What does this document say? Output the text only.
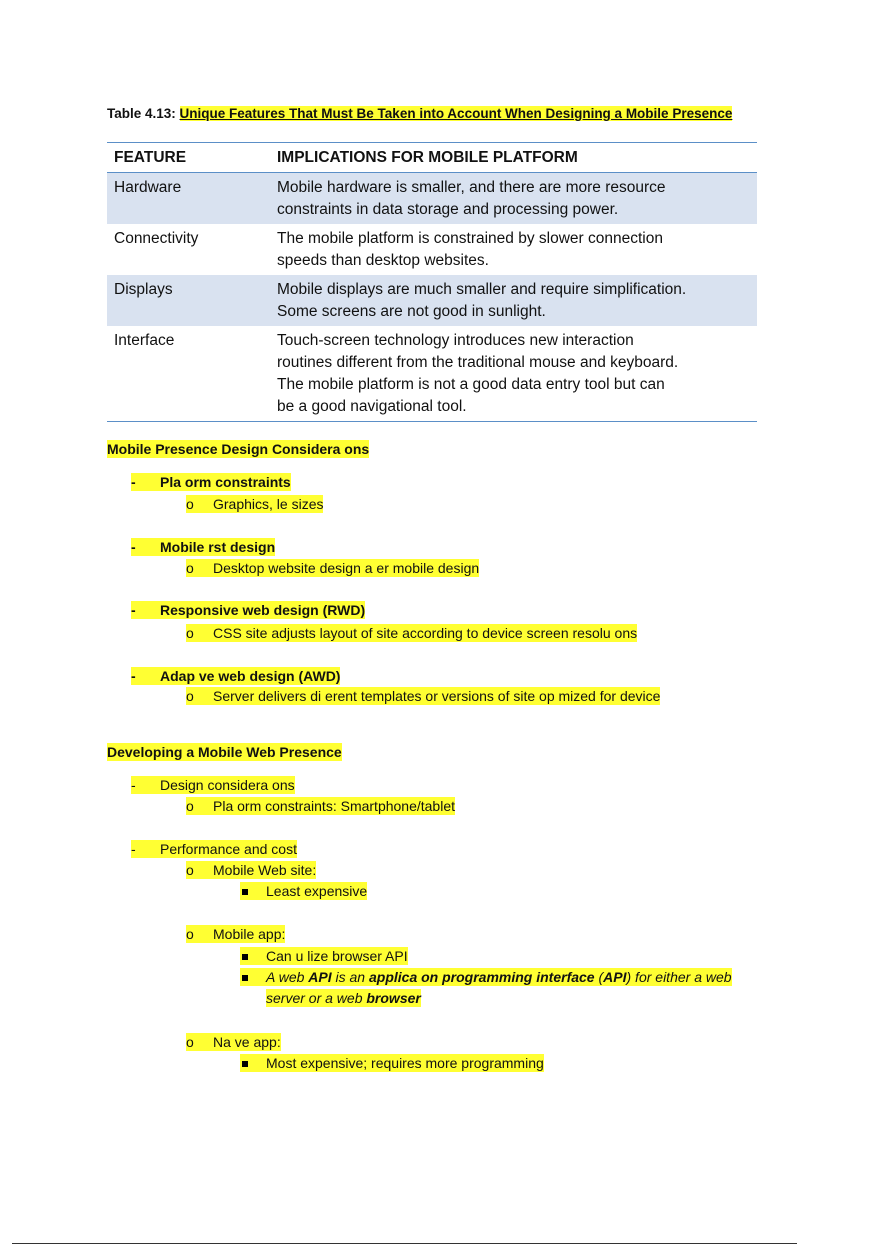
Table 4.13: Unique Features That Must Be Taken into Account When Designing a Mobile Presence
FEATURE	IMPLICATIONS FOR MOBILE PLATFORM
Hardware	Mobile hardware is smaller, and there are more resource
constraints in data storage and processing power.

Connectivity	The mobile platform is constrained by slower connection
speeds than desktop websites.

Displays	Mobile displays are much smaller and require simplification.
Some screens are not good in sunlight.

Interface	Touch-screen technology introduces new interaction
routines different from the traditional mouse and keyboard.
The mobile platform is not a good data entry tool but can
be a good navigational tool.
Mobile Presence Design Considera ons
- Pla orm constraints
o Graphics, le sizes
- Mobile rst design
o Desktop website design a er mobile design
- Responsive web design (RWD)
o CSS site adjusts layout of site according to device screen resolu ons
- Adap ve web design (AWD)
o Server delivers di erent templates or versions of site op mized for device
Developing a Mobile Web Presence
- Design considera ons
o Pla orm constraints: Smartphone/tablet
- Performance and cost
o Mobile Web site:
Least expensive
o Mobile app:
Can u lize browser API
A web API is an applica on programming interface (API) for either a web
server or a web browser
o Na ve app:
Most expensive; requires more programming
